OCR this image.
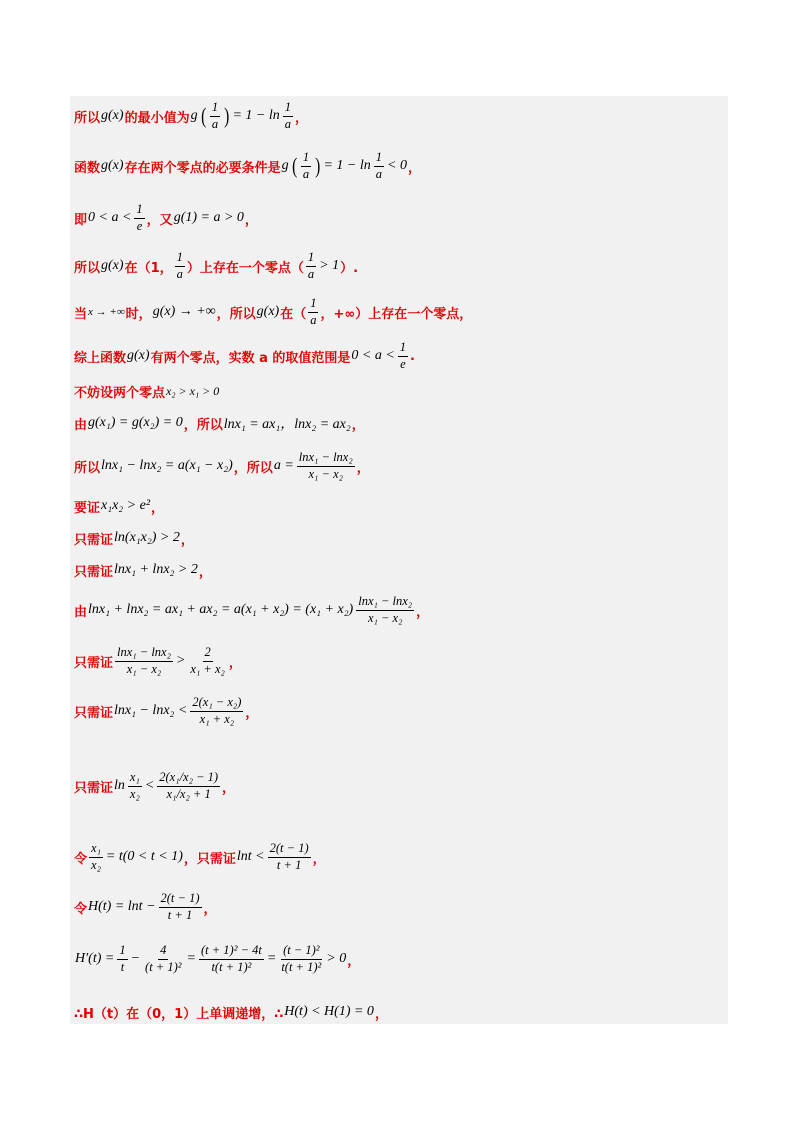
所以 g(x) 的最小值为 g ( $\frac{1}{a}$ ) = $1 - \ln \frac{1}{a}$ ，
函数 g(x) 存在两个零点的必要条件是 g ( $\frac{1}{a}$ ) = $1 - \ln \frac{1}{a} < 0$ ，
即 $0 < a < \frac{1}{e}$ ，又 g(1) = a > 0 ，
所以 g(x) 在（1， $\frac{1}{a}$ ）上存在一个零点（ $\frac{1}{a} > 1$ ）.
当 x → +∞ 时， g(x) → +∞ ，所以 g(x) 在（ $\frac{1}{a}$ ，+∞）上存在一个零点，
综上函数 g(x) 有两个零点，实数 a 的取值范围是 $0 < a < \frac{1}{e}$ .
不妨设两个零点 x₂ > x₁ > 0
由 g(x₁) = g(x₂) = 0 ，所以 lnx₁ = ax₁，lnx₂ = ax₂ ，
所以 lnx₁ − lnx₂ = a(x₁ − x₂) ，所以 $a = \frac{\text{lnx₁ − lnx₂}}{\text{x₁ − x₂}}$ ，
要证 x₁x₂ > e² ，
只需证 ln(x₁x₂) > 2 ，
只需证 lnx₁ + lnx₂ > 2 ，
由 $\ln x_1 + \ln x_2 = ax_1 + ax_2 = a(x_1 + x_2) = (x_1 + x_2) \frac{\text{lnx₁ − lnx₂}}{\text{x₁ − x₂}}$ ，
只需证 $\frac{\text{lnx₁ − lnx₂}}{\text{x₁ − x₂}} > \frac{2}{\text{x₁ + x₂}}$ ，
只需证 $\ln x_1 - \ln x_2 < \frac{\text{2(x₁ − x₂)}}{\text{x₁ + x₂}}$ ，
只需证 $\ln \frac{\text{x₁}}{\text{x₂}} < \frac{\text{2(x₁/x₂ − 1)}}{\text{x₁/x₂ + 1}}$ ，
令 $\frac{\text{x₁}}{\text{x₂}} = t(0 < t < 1)$ ，只需证 $\ln t < \frac{2(t - 1)}{t + 1}$ ，
令 $H(t) = \ln t - \frac{2(t - 1)}{t + 1}$ ，
$H'(t) = \frac{1}{t} - \frac{4}{\text{(t + 1)²}} = \frac{\text{(t + 1)² − 4t}}{\text{t(t + 1)²}} = \frac{\text{(t − 1)²}}{\text{t(t + 1)²}} > 0$ ，
∴H（t）在（0，1）上单调递增，∴ H(t) < H(1) = 0 ，
